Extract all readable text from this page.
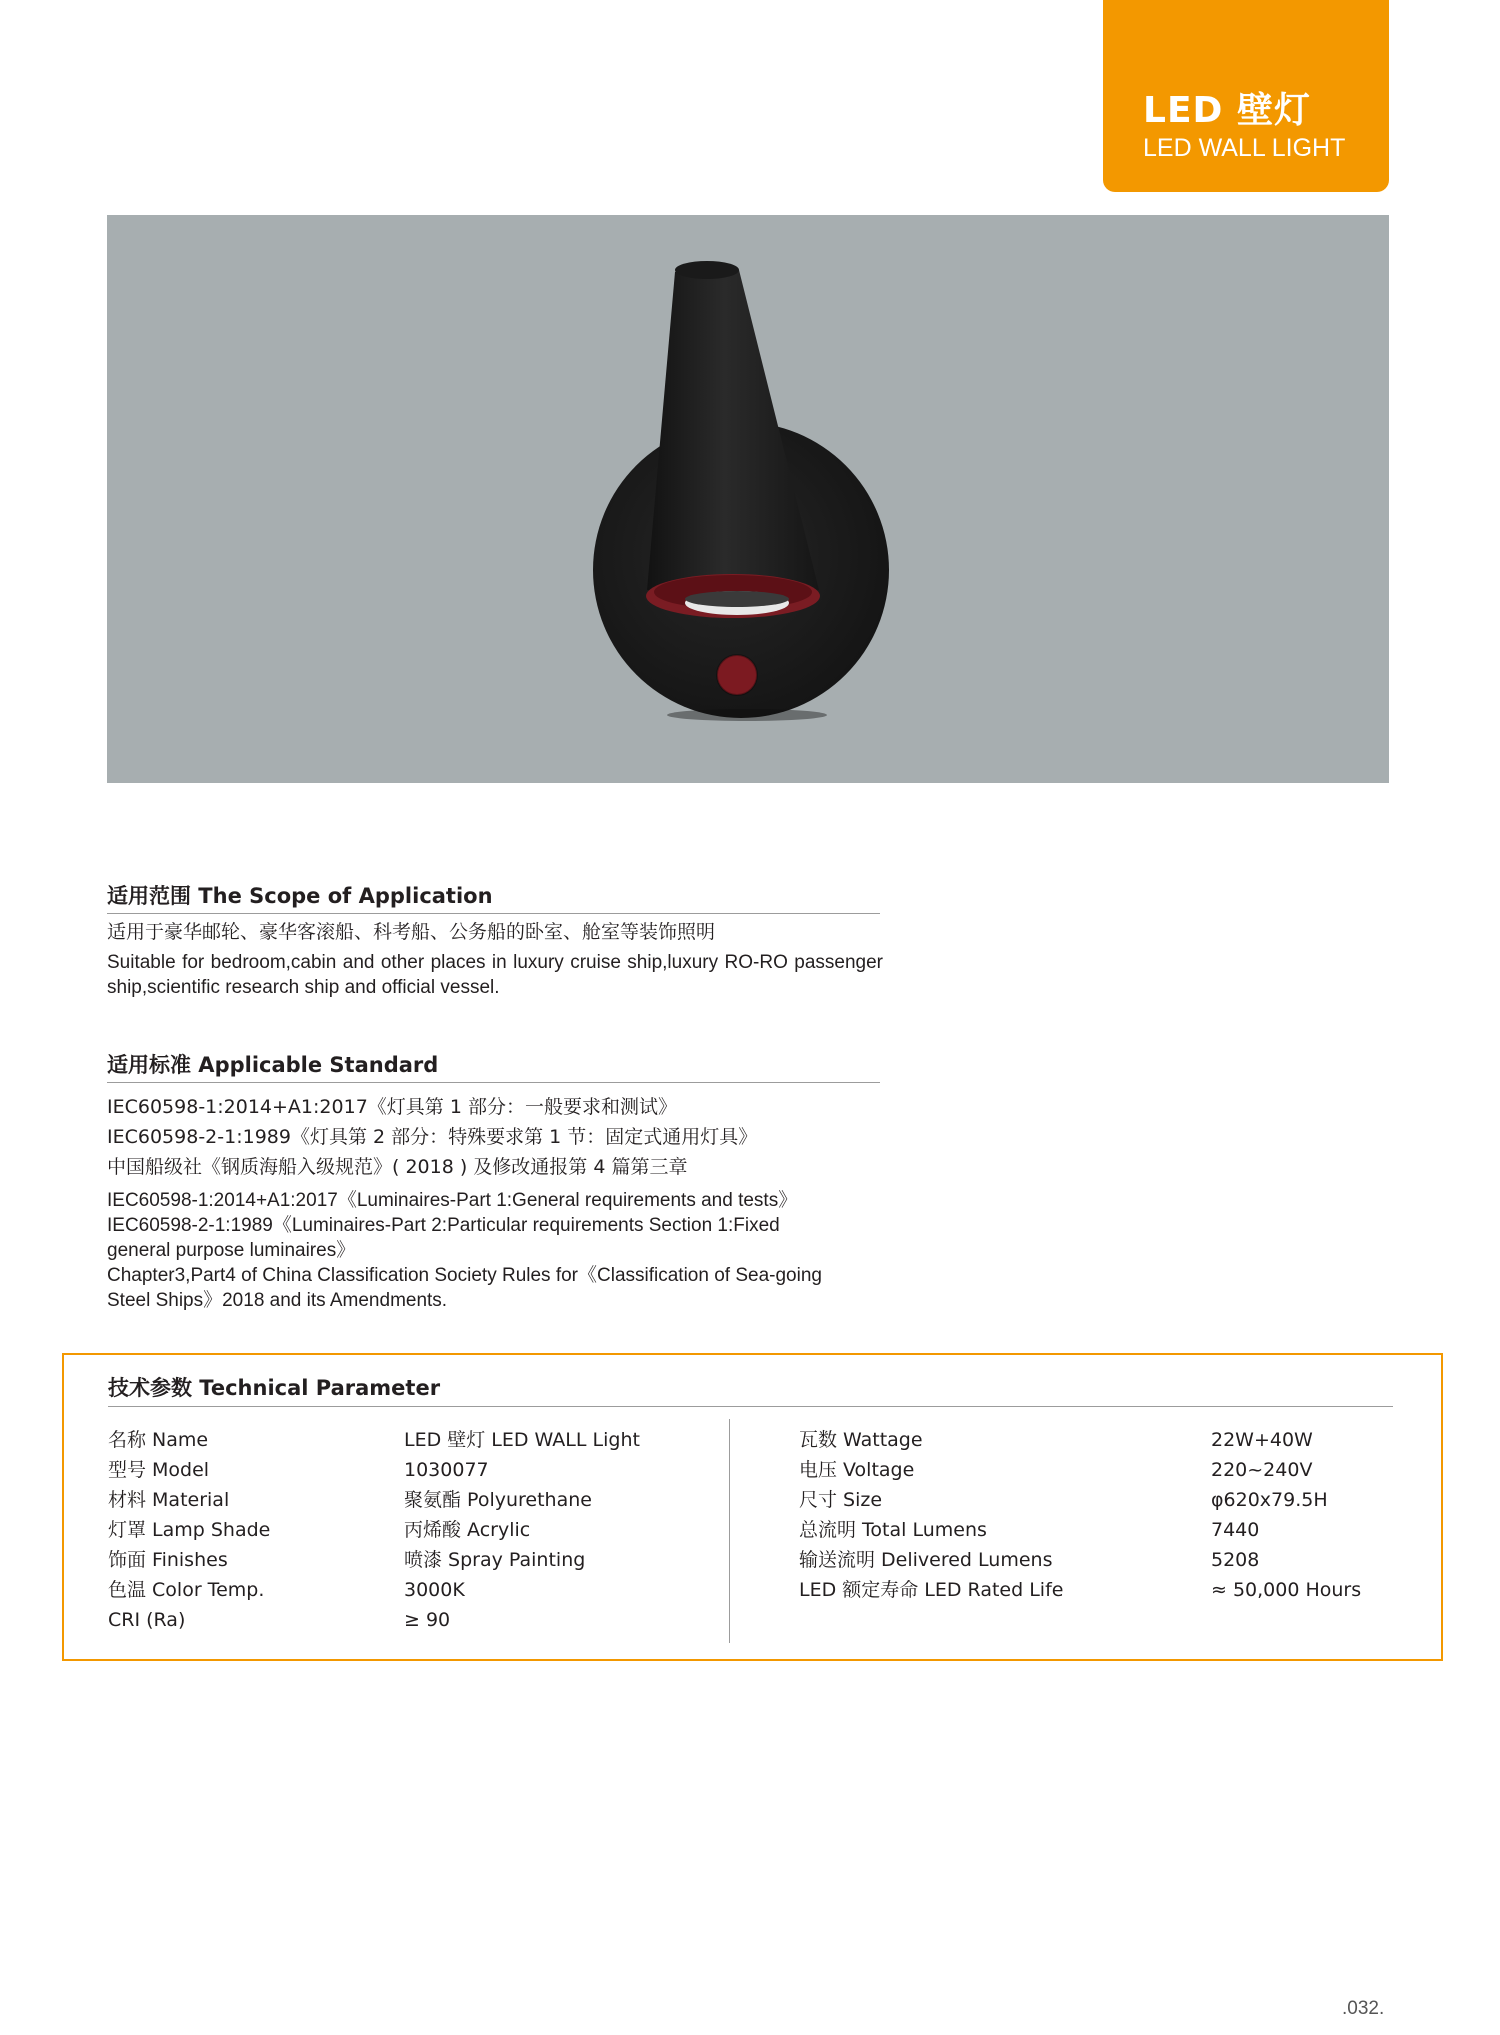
LED 壁灯
LED WALL LIGHT
适用范围 The Scope of Application
适用于豪华邮轮、豪华客滚船、科考船、公务船的卧室、舱室等装饰照明
Suitable for bedroom,cabin and other places in luxury cruise ship,luxury RO-RO passenger ship,scientific research ship and official vessel.
适用标准 Applicable Standard

IEC60598-1:2014+A1:2017《灯具第 1 部分：一般要求和测试》

IEC60598-2-1:1989《灯具第 2 部分：特殊要求第 1 节：固定式通用灯具》

中国船级社《钢质海船入级规范》( 2018 ) 及修改通报第 4 篇第三章

IEC60598-1:2014+A1:2017《Luminaires-Part 1:General requirements and tests》

IEC60598-2-1:1989《Luminaires-Part 2:Particular requirements Section 1:Fixed

general purpose luminaires》

Chapter3,Part4 of China Classification Society Rules for《Classification of Sea-going

Steel Ships》2018 and its Amendments.

技术参数 Technical Parameter
名称 Name	LED 壁灯 LED WALL Light
型号 Model	1030077
材料 Material	聚氨酯 Polyurethane
灯罩 Lamp Shade	丙烯酸 Acrylic
饰面 Finishes	喷漆 Spray Painting
色温 Color Temp.	3000K
CRI (Ra)	≥ 90
瓦数 Wattage	22W+40W
电压 Voltage	220~240V
尺寸 Size	φ620x79.5H
总流明 Total Lumens	7440
输送流明 Delivered Lumens	5208
LED 额定寿命 LED Rated Life	≈ 50,000 Hours
.032.
